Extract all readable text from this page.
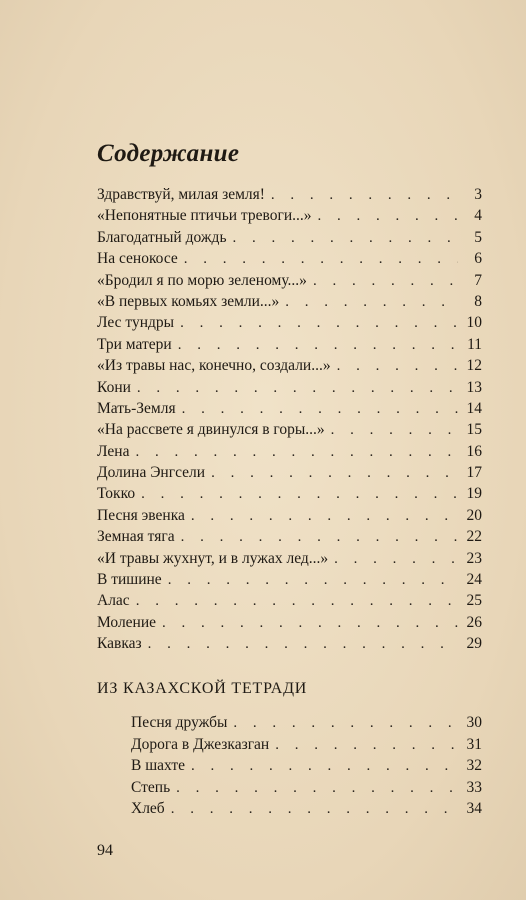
Содержание
Здравствуй, милая земля! . . .	3
«Непонятные птичьи тревоги...» . . .	4
Благодатный дождь . . .	5
На сенокосе . . .	6
«Бродил я по морю зеленому...» . . .	7
«В первых комьях земли...» . . .	8
Лес тундры . . .	10
Три матери . . .	11
«Из травы нас, конечно, создали...» . . .	12
Кони . . .	13
Мать-Земля . . .	14
«На рассвете я двинулся в горы...» . . .	15
Лена . . .	16
Долина Энгсели . . .	17
Токко . . .	19
Песня эвенка . . .	20
Земная тяга . . .	22
«И травы жухнут, и в лужах лед...» . . .	23
В тишине . . .	24
Алас . . .	25
Моление . . .	26
Кавказ . . .	29
ИЗ КАЗАХСКОЙ ТЕТРАДИ
Песня дружбы . . .	30
Дорога в Джезказган . . .	31
В шахте . . .	32
Степь . . .	33
Хлеб . . .	34
94
